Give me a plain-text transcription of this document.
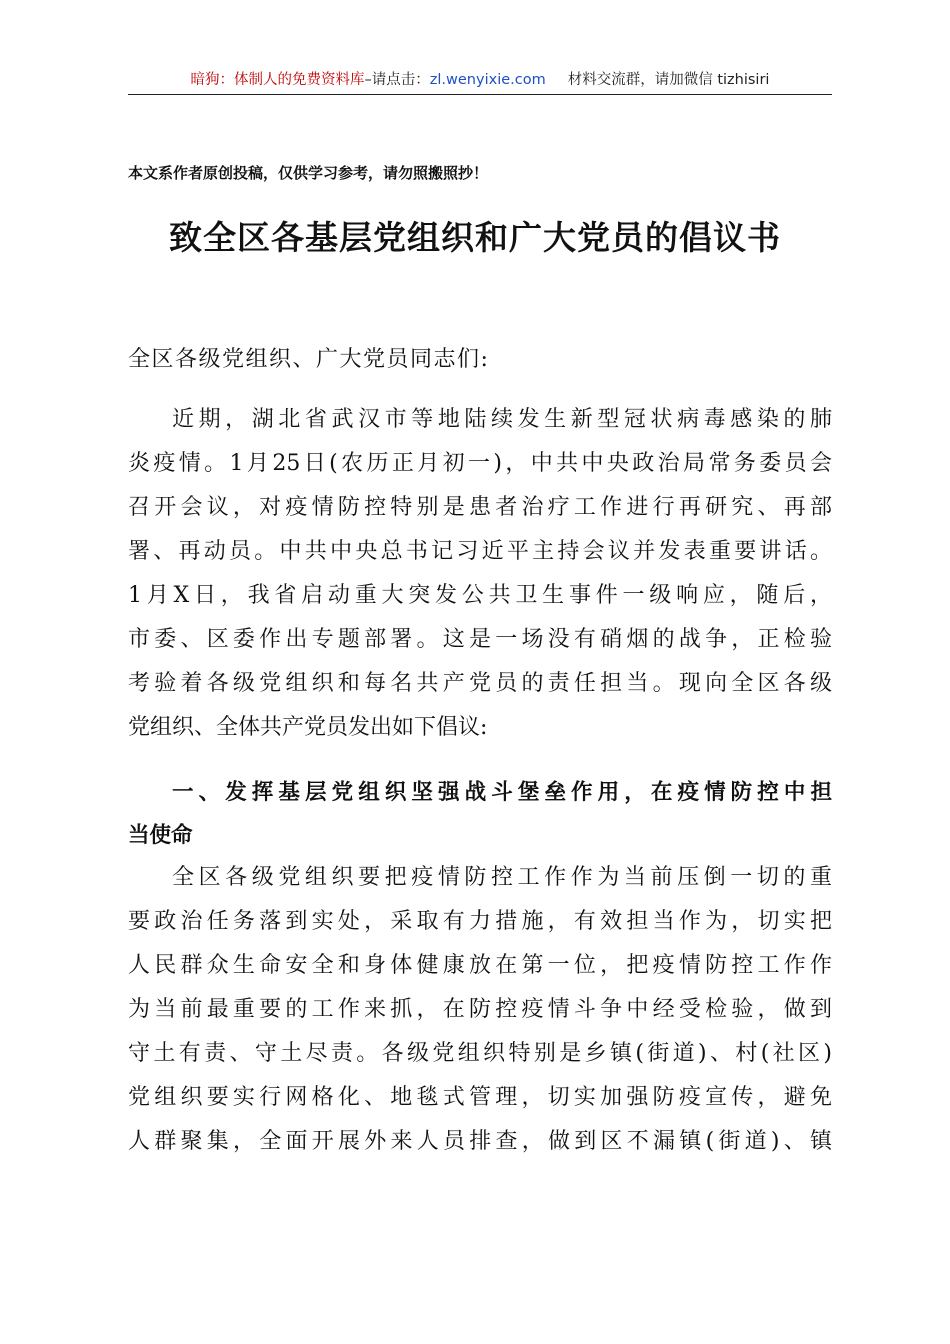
暗狗：体制人的免费资料库–请点击：zl.wenyixie.com 材料交流群，请加微信 tizhisiri
本文系作者原创投稿，仅供学习参考，请勿照搬照抄！
致全区各基层党组织和广大党员的倡议书
全区各级党组织、广大党员同志们:
近期，湖北省武汉市等地陆续发生新型冠状病毒感染的肺
炎疫情。1月25日(农历正月初一)，中共中央政治局常务委员会
召开会议，对疫情防控特别是患者治疗工作进行再研究、再部
署、再动员。中共中央总书记习近平主持会议并发表重要讲话。
1月X日，我省启动重大突发公共卫生事件一级响应，随后，
市委、区委作出专题部署。这是一场没有硝烟的战争，正检验
考验着各级党组织和每名共产党员的责任担当。现向全区各级
党组织、全体共产党员发出如下倡议:
一、发挥基层党组织坚强战斗堡垒作用，在疫情防控中担
当使命
全区各级党组织要把疫情防控工作作为当前压倒一切的重
要政治任务落到实处，采取有力措施，有效担当作为，切实把
人民群众生命安全和身体健康放在第一位，把疫情防控工作作
为当前最重要的工作来抓，在防控疫情斗争中经受检验，做到
守土有责、守土尽责。各级党组织特别是乡镇(街道)、村(社区)
党组织要实行网格化、地毯式管理，切实加强防疫宣传，避免
人群聚集，全面开展外来人员排查，做到区不漏镇(街道)、镇
